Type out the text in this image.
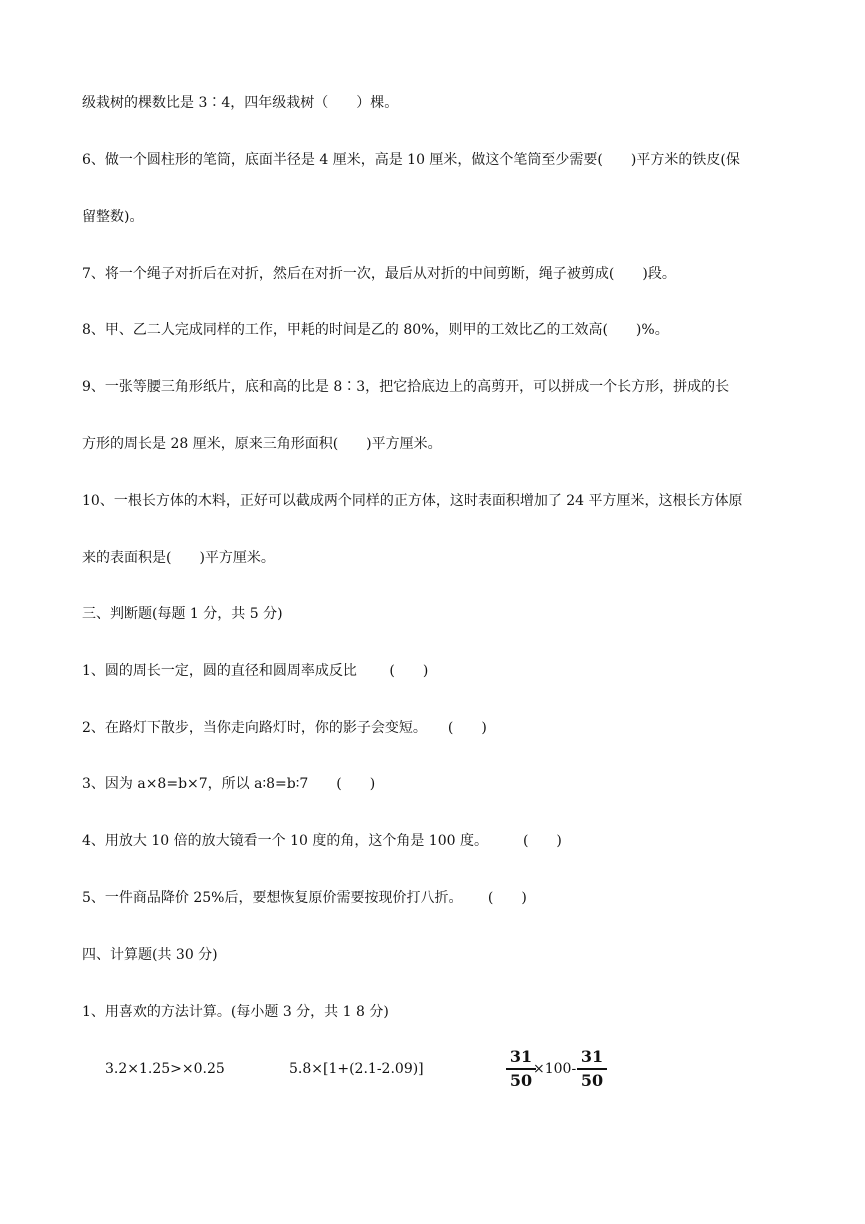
级栽树的棵数比是 3∶4，四年级栽树（　　）棵。
6、做一个圆柱形的笔筒，底面半径是 4 厘米，高是 10 厘米，做这个笔筒至少需要(　　)平方米的铁皮(保
留整数)。
7、将一个绳子对折后在对折，然后在对折一次，最后从对折的中间剪断，绳子被剪成(　　)段。
8、甲、乙二人完成同样的工作，甲耗的时间是乙的 80%，则甲的工效比乙的工效高(　　)%。
9、一张等腰三角形纸片，底和高的比是 8∶3，把它拾底边上的高剪开，可以拼成一个长方形，拼成的长
方形的周长是 28 厘米，原来三角形面积(　　)平方厘米。
10、一根长方体的木料，正好可以截成两个同样的正方体，这时表面积增加了 24 平方厘米，这根长方体原
来的表面积是(　　)平方厘米。
三、判断题(每题 1 分，共 5 分)
1、圆的周长一定，圆的直径和圆周率成反比　　 (　　)
2、在路灯下散步，当你走向路灯时，你的影子会变短。　　(　　)
3、因为 a×8=b×7，所以 a∶8=b∶7　　(　　)
4、用放大 10 倍的放大镜看一个 10 度的角，这个角是 100 度。　　　(　　)
5、一件商品降价 25%后，要想恢复原价需要按现价打八折。　　 (　　)
四、计算题(共 30 分)
1、用喜欢的方法计算。(每小题 3 分，共 1 8 分)
3.2×1.25>×0.25	5.8×[1+(2.1-2.09)]
31
50
×100-
31
50
